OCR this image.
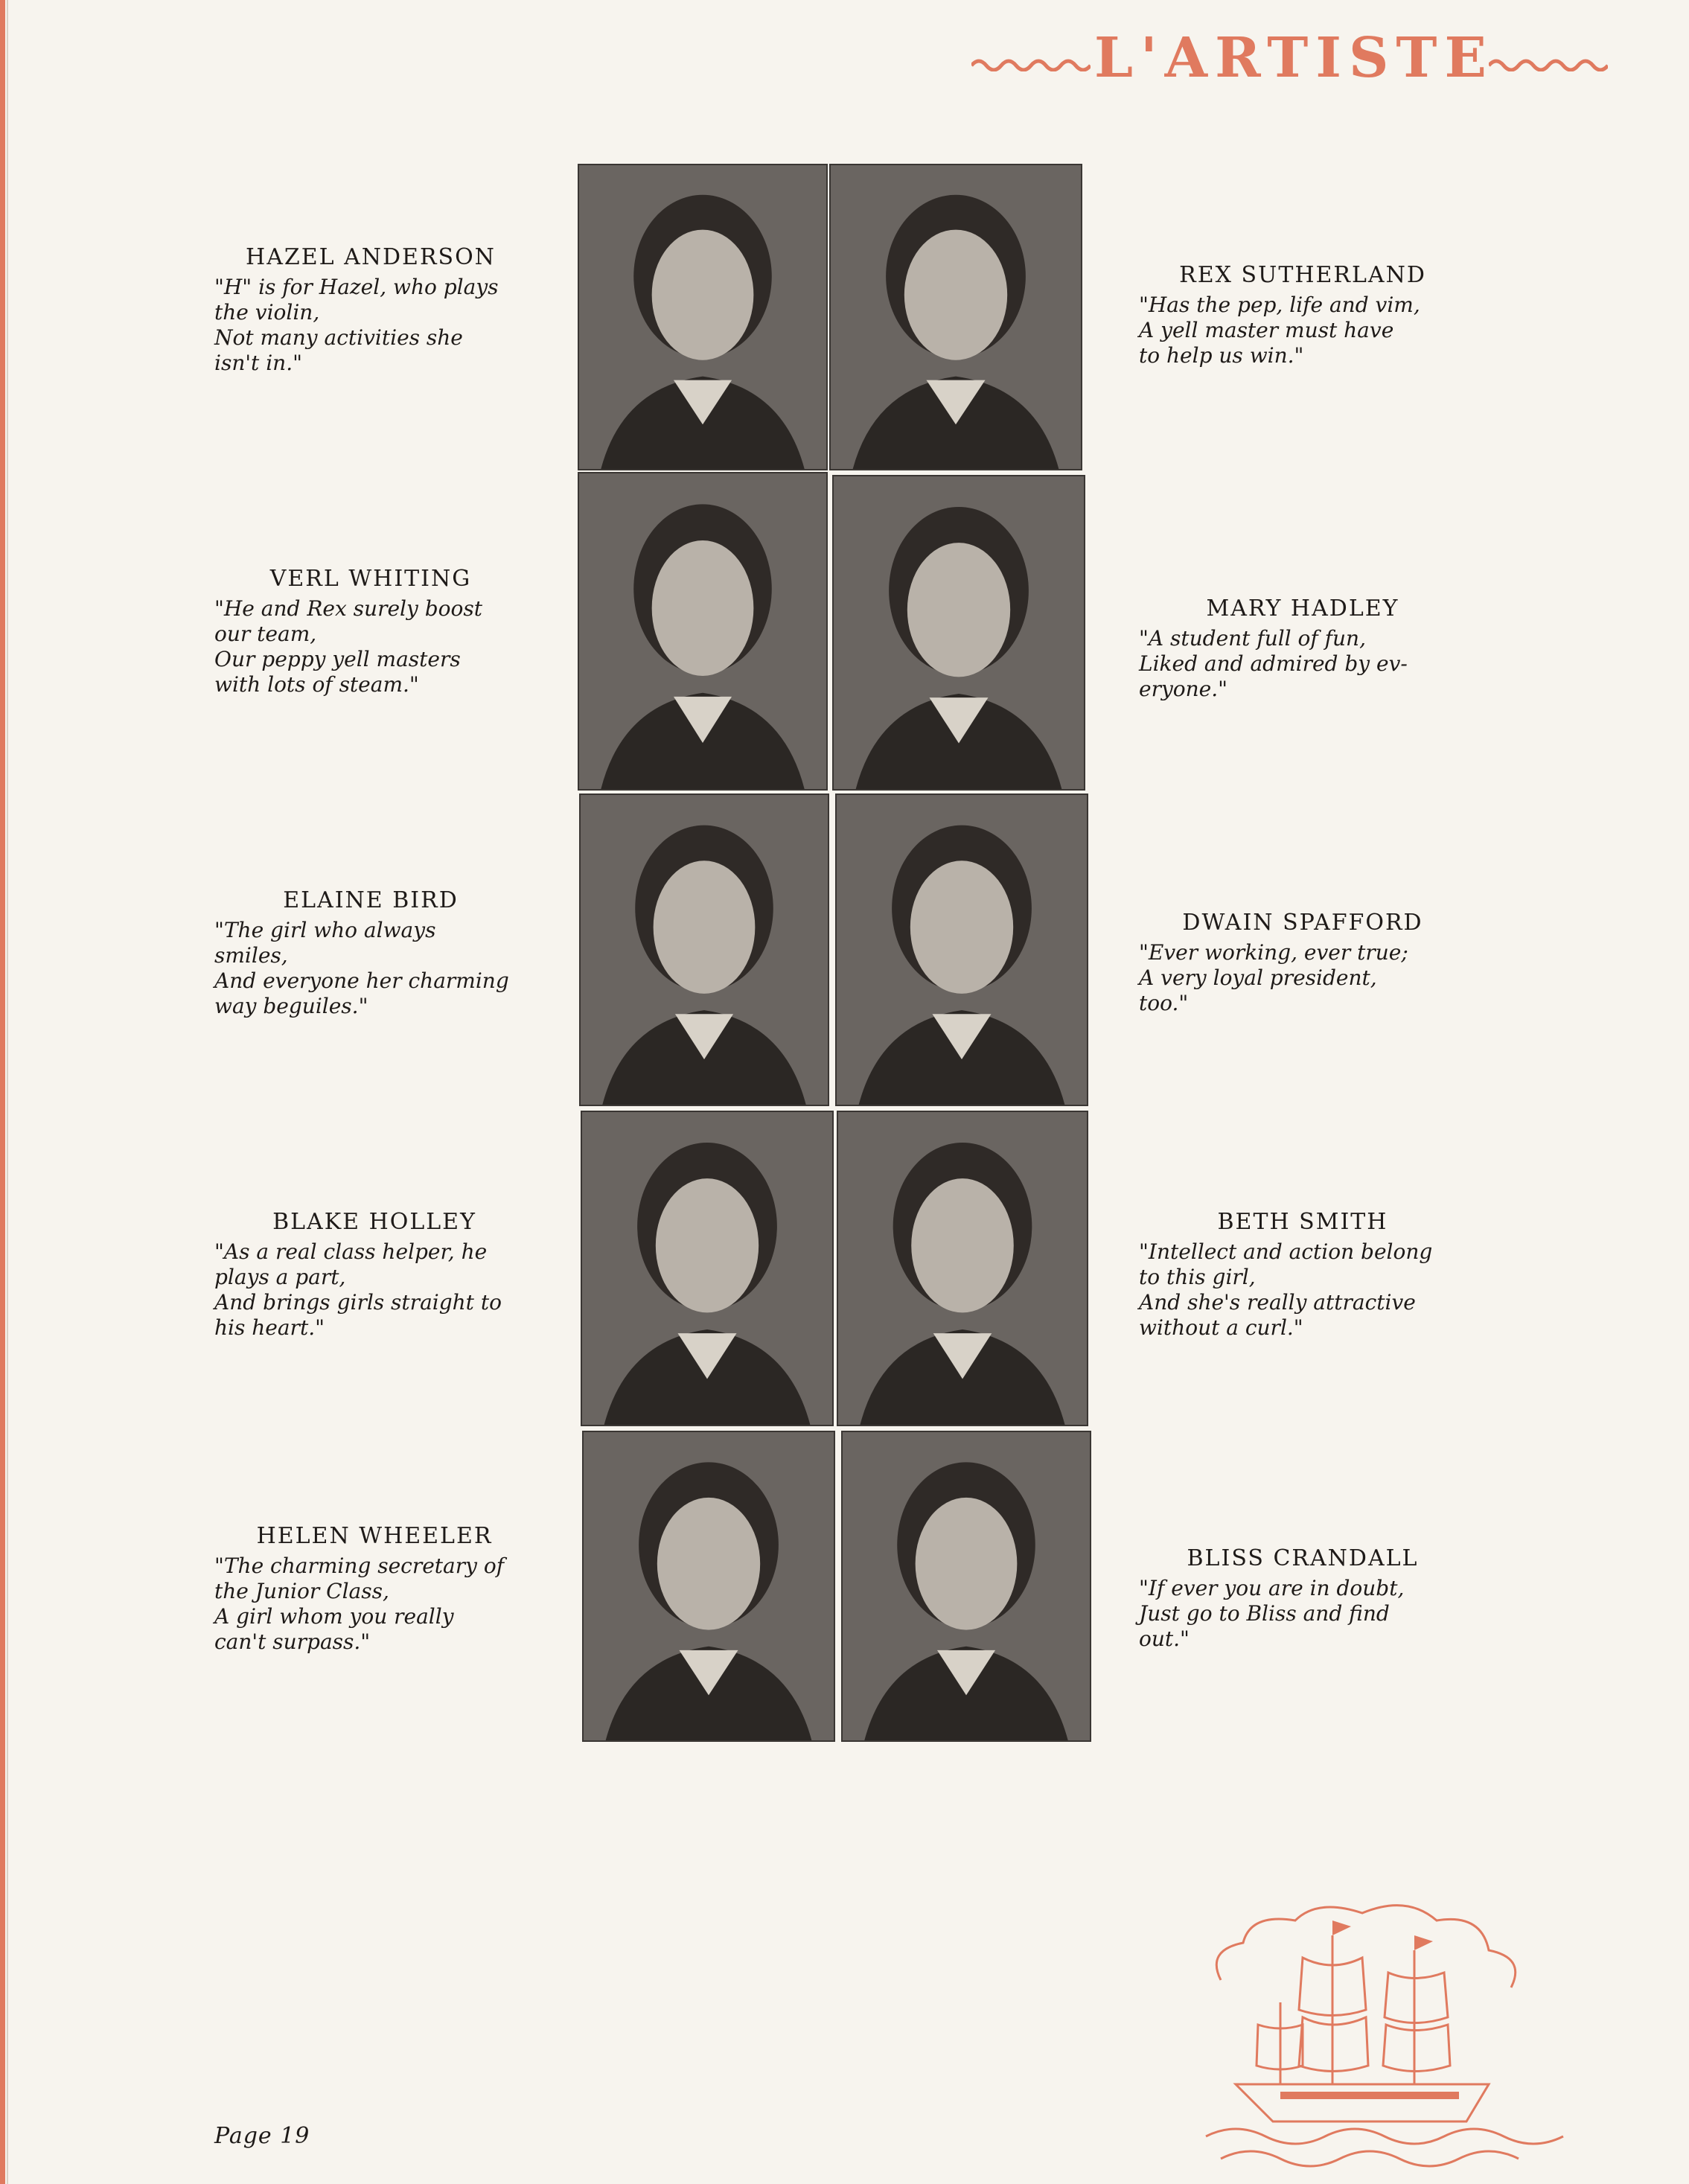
L'ARTISTE
HAZEL ANDERSON
"H" is for Hazel, who plays
the violin,
Not many activities she
isn't in."
VERL WHITING
"He and Rex surely boost
our team,
Our peppy yell masters
with lots of steam."
ELAINE BIRD
"The girl who always
smiles,
And everyone her charming
way beguiles."
BLAKE HOLLEY
"As a real class helper, he
plays a part,
And brings girls straight to
his heart."
HELEN WHEELER
"The charming secretary of
the Junior Class,
A girl whom you really
can't surpass."
REX SUTHERLAND
"Has the pep, life and vim,
A yell master must have
to help us win."
MARY HADLEY
"A student full of fun,
Liked and admired by ev-
eryone."
DWAIN SPAFFORD
"Ever working, ever true;
A very loyal president,
too."
BETH SMITH
"Intellect and action belong
to this girl,
And she's really attractive
without a curl."
BLISS CRANDALL
"If ever you are in doubt,
Just go to Bliss and find
out."
Page 19
